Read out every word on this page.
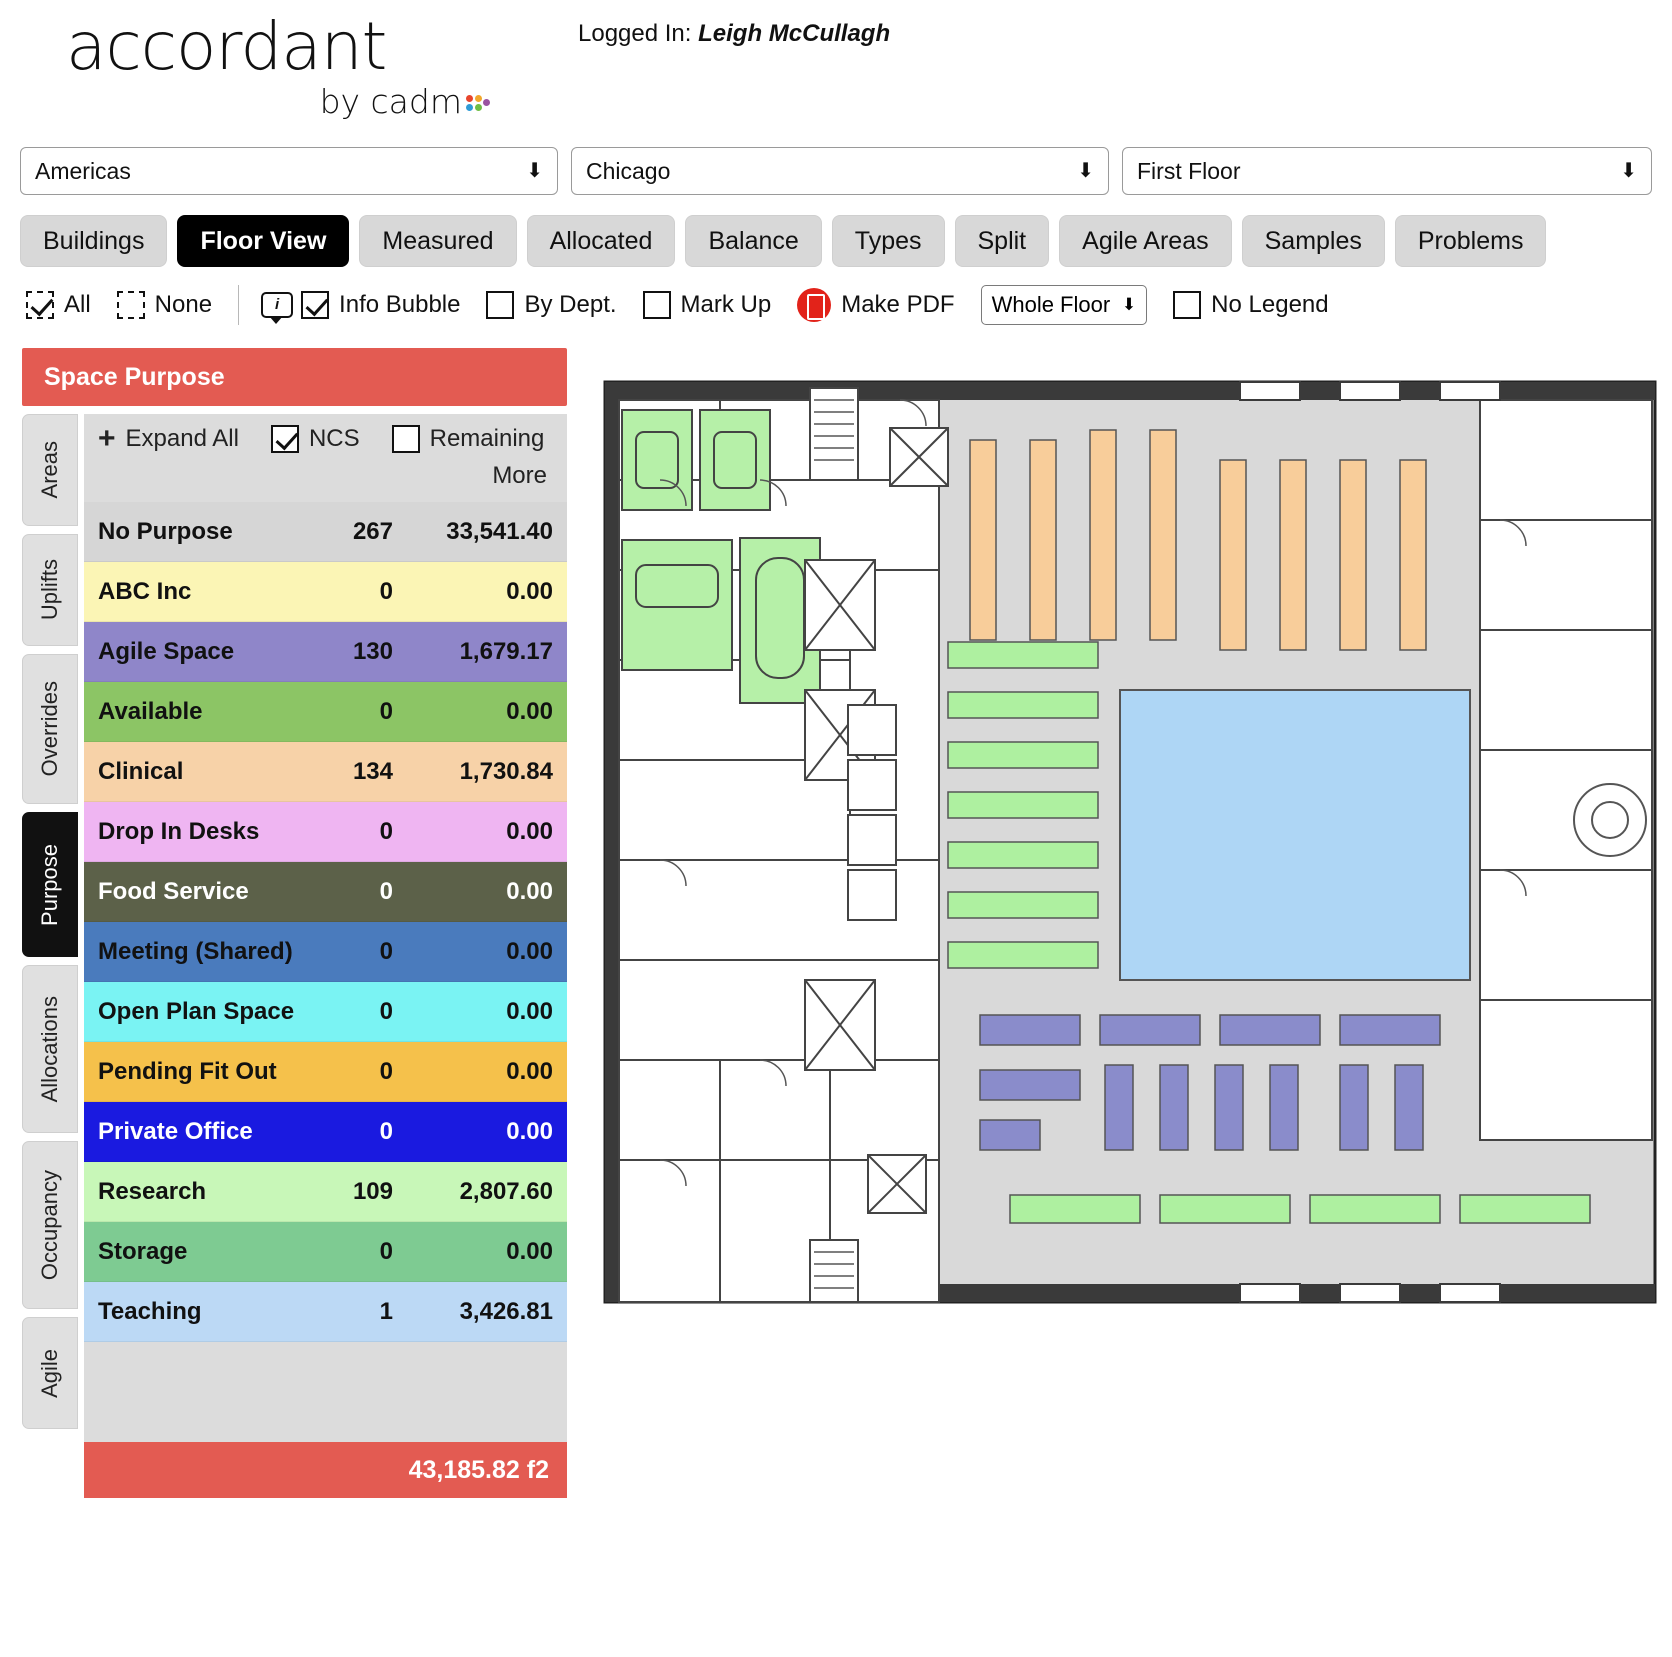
accordant
by cadm
Logged In: Leigh McCullagh
Americas	⬇	Chicago	⬇	First Floor	⬇
Buildings Floor View Measured Allocated Balance Types Split Agile Areas Samples Problems
All	None	i	Info Bubble	By Dept.	Mark Up	Make PDF	Whole Floor ⬇	No Legend
Space Purpose
Areas
Uplifts
Overrides
Purpose
Allocations
Occupancy
Agile
+ Expand All	NCS	Remaining
More
No Purpose	267	33,541.40
ABC Inc	0	0.00
Agile Space	130	1,679.17
Available	0	0.00
Clinical	134	1,730.84
Drop In Desks	0	0.00
Food Service	0	0.00
Meeting (Shared)	0	0.00
Open Plan Space	0	0.00
Pending Fit Out	0	0.00
Private Office	0	0.00
Research	109	2,807.60
Storage	0	0.00
Teaching	1	3,426.81
43,185.82 f2
